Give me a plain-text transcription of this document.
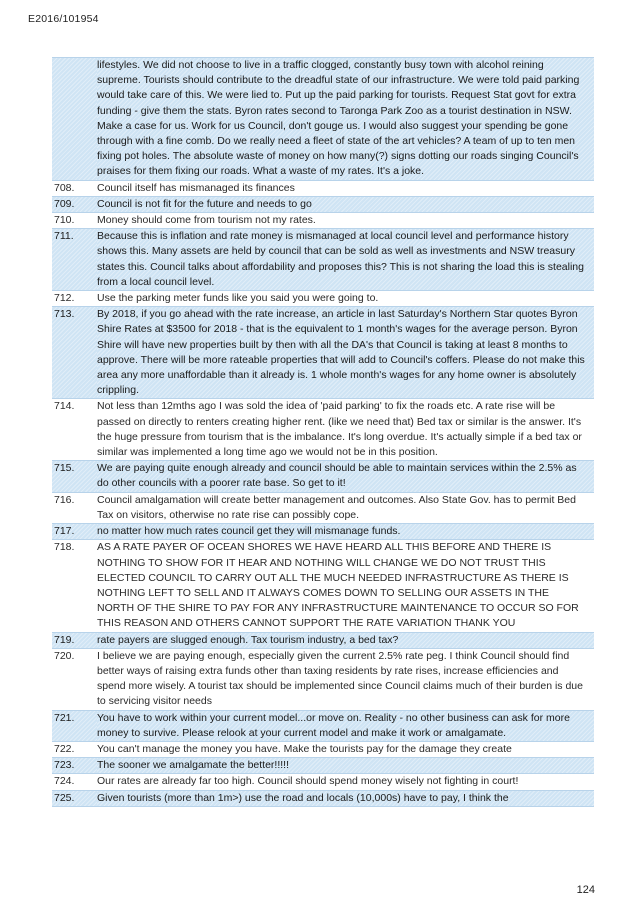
E2016/101954
lifestyles. We did not choose to live in a traffic clogged, constantly busy town with alcohol reining supreme. Tourists should contribute to the dreadful state of our infrastructure. We were told paid parking would take care of this. We were lied to. Put up the paid parking for tourists. Request Stat govt for extra funding - give them the stats. Byron rates second to Taronga Park Zoo as a tourist destination in NSW. Make a case for us. Work for us Council, don't gouge us. I would also suggest your spending be gone through with a fine comb. Do we really need a fleet of state of the art vehicles? A team of up to ten men fixing pot holes. The absolute waste of money on how many(?) signs dotting our roads singing Council's praises for them fixing our roads. What a waste of my rates. It's a joke.
708.	Council itself has mismanaged its finances
709.	Council is not fit for the future and needs to go
710.	Money should come from tourism not my rates.
711.	Because this is inflation and rate money is mismanaged at local council level and performance history shows this. Many assets are held by council that can be sold as well as investments and NSW treasury states this. Council talks about affordability and proposes this? This is not sharing the load this is stealing from a local council level.
712.	Use the parking meter funds like you said you were going to.
713.	By 2018, if you go ahead with the rate increase, an article in last Saturday's Northern Star quotes Byron Shire Rates at $3500 for 2018 - that is the equivalent to 1 month's wages for the average person. Byron Shire will have new properties built by then with all the DA's that Council is taking at least 8 months to approve. There will be more rateable properties that will add to Council's coffers. Please do not make this area any more unaffordable than it already is. 1 whole month's wages for any home owner is absolutely crippling.
714.	Not less than 12mths ago I was sold the idea of 'paid parking' to fix the roads etc. A rate rise will be passed on directly to renters creating higher rent. (like we need that) Bed tax or similar is the answer. It's the huge pressure from tourism that is the imbalance. It's long overdue. It's actually simple if a bed tax or similar was implemented a long time ago we would not be in this position.
715.	We are paying quite enough already and council should be able to maintain services within the 2.5% as do other councils with a poorer rate base. So get to it!
716.	Council amalgamation will create better management and outcomes. Also State Gov. has to permit Bed Tax on visitors, otherwise no rate rise can possibly cope.
717.	no matter how much rates council get they will mismanage funds.
718.	AS A RATE PAYER OF OCEAN SHORES WE HAVE HEARD ALL THIS BEFORE AND THERE IS NOTHING TO SHOW FOR IT HEAR AND NOTHING WILL CHANGE WE DO NOT TRUST THIS ELECTED COUNCIL TO CARRY OUT ALL THE MUCH NEEDED INFRASTRUCTURE AS THERE IS NOTHING LEFT TO SELL AND IT ALWAYS COMES DOWN TO SELLING OUR ASSETS IN THE NORTH OF THE SHIRE TO PAY FOR ANY INFRASTRUCTURE MAINTENANCE TO OCCUR SO FOR THIS REASON AND OTHERS CANNOT SUPPORT THE RATE VARIATION THANK YOU
719.	rate payers are slugged enough. Tax tourism industry, a bed tax?
720.	I believe we are paying enough, especially given the current 2.5% rate peg. I think Council should find better ways of raising extra funds other than taxing residents by rate rises, increase efficiencies and spend more wisely. A tourist tax should be implemented since Council claims much of their burden is due to servicing visitor needs
721.	You have to work within your current model...or move on. Reality - no other business can ask for more money to survive. Please relook at your current model and make it work or amalgamate.
722.	You can't manage the money you have. Make the tourists pay for the damage they create
723.	The sooner we amalgamate the better!!!!!
724.	Our rates are already far too high. Council should spend money wisely not fighting in court!
725.	Given tourists (more than 1m>) use the road and locals (10,000s) have to pay, I think the
124
